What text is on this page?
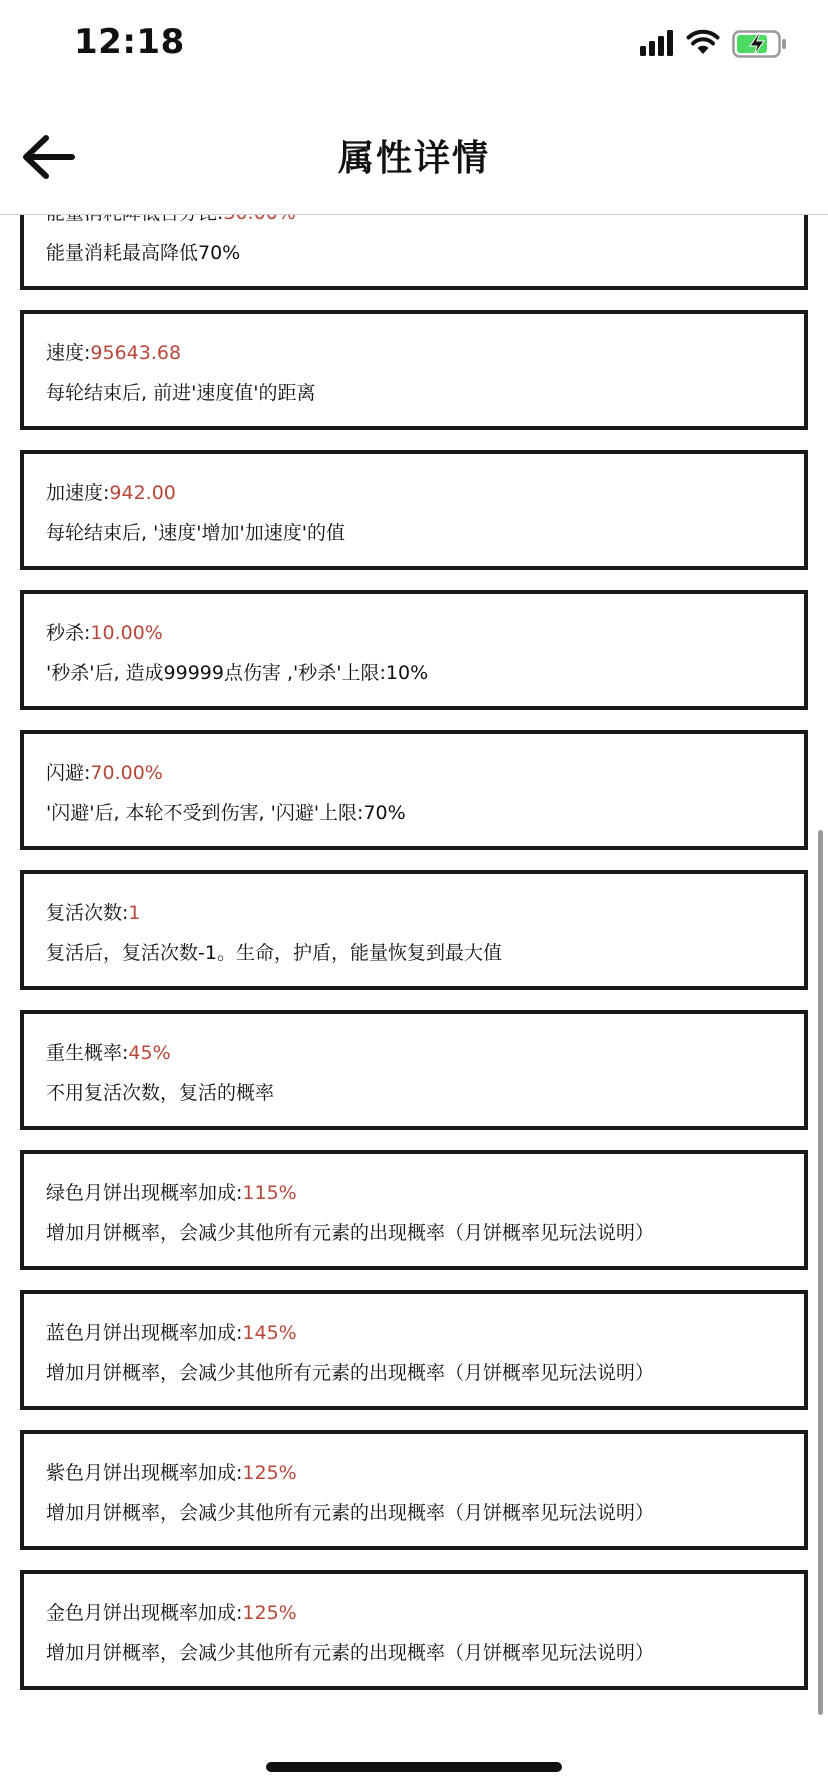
12:18
属性详情
能量消耗最高降低70%
速度:95643.68
每轮结束后, 前进'速度值'的距离
加速度:942.00
每轮结束后, '速度'增加'加速度'的值
秒杀:10.00%
'秒杀'后, 造成99999点伤害 ,'秒杀'上限:10%
闪避:70.00%
'闪避'后, 本轮不受到伤害, '闪避'上限:70%
复活次数:1
复活后，复活次数-1。生命，护盾，能量恢复到最大值
重生概率:45%
不用复活次数，复活的概率
绿色月饼出现概率加成:115%
增加月饼概率，会减少其他所有元素的出现概率（月饼概率见玩法说明）
蓝色月饼出现概率加成:145%
增加月饼概率，会减少其他所有元素的出现概率（月饼概率见玩法说明）
紫色月饼出现概率加成:125%
增加月饼概率，会减少其他所有元素的出现概率（月饼概率见玩法说明）
金色月饼出现概率加成:125%
增加月饼概率，会减少其他所有元素的出现概率（月饼概率见玩法说明）
